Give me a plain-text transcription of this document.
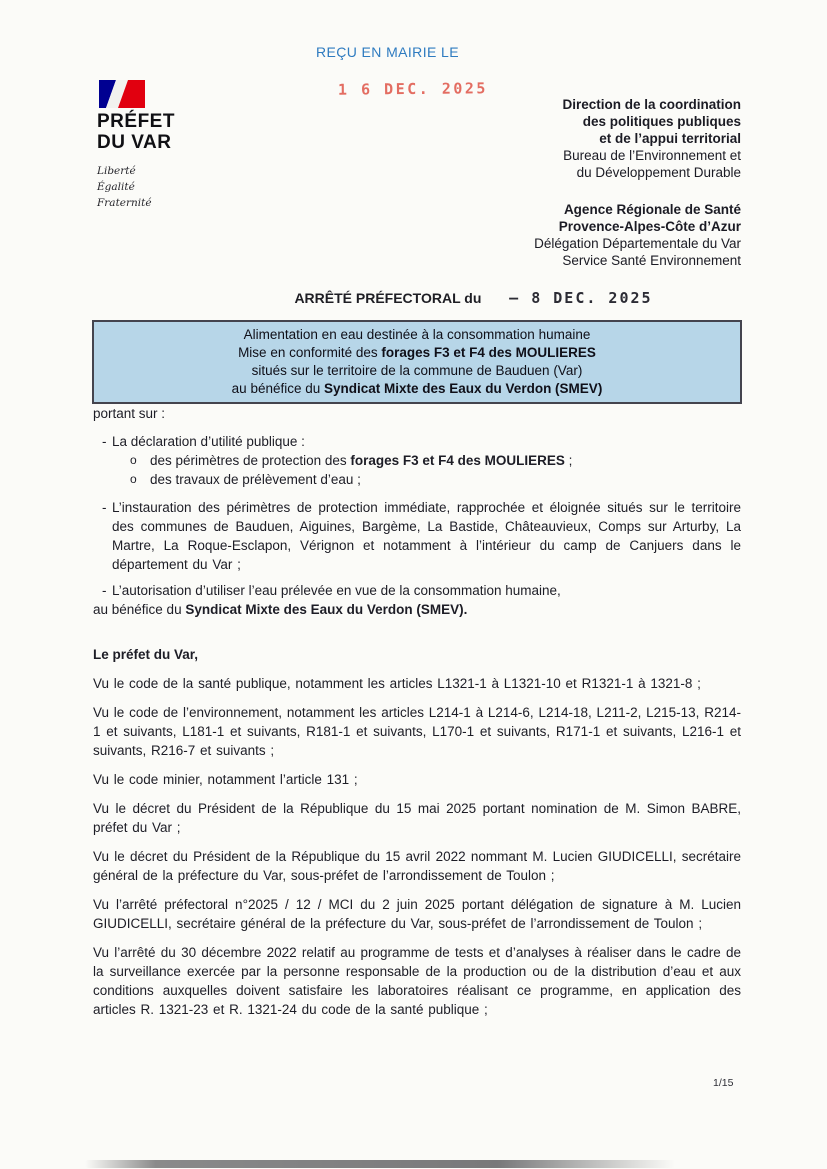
REÇU EN MAIRIE LE
1 6 DEC. 2025
PRÉFET
DU VAR
Liberté
Égalité
Fraternité
Direction de la coordination
des politiques publiques
et de l’appui territorial
Bureau de l’Environnement et
du Développement Durable
Agence Régionale de Santé
Provence-Alpes-Côte d’Azur
Délégation Départementale du Var
Service Santé Environnement
ARRÊTÉ PRÉFECTORAL du – 8 DEC. 2025
Alimentation en eau destinée à la consommation humaine
Mise en conformité des forages F3 et F4 des MOULIERES
situés sur le territoire de la commune de Bauduen (Var)
au bénéfice du Syndicat Mixte des Eaux du Verdon (SMEV)

portant sur :

- La déclaration d’utilité publique :
o des périmètres de protection des forages F3 et F4 des MOULIERES ;
o des travaux de prélèvement d’eau ;
- L’instauration des périmètres de protection immédiate, rapprochée et éloignée situés sur le territoire des communes de Bauduen, Aiguines, Bargème, La Bastide, Châteauvieux, Comps sur Arturby, La Martre, La Roque-Esclapon, Vérignon et notamment à l’intérieur du camp de Canjuers dans le département du Var ;
- L’autorisation d’utiliser l’eau prélevée en vue de la consommation humaine,

au bénéfice du Syndicat Mixte des Eaux du Verdon (SMEV).

Le préfet du Var,

Vu le code de la santé publique, notamment les articles L1321-1 à L1321-10 et R1321-1 à 1321-8 ;

Vu le code de l’environnement, notamment les articles L214-1 à L214-6, L214-18, L211-2, L215-13, R214-1 et suivants, L181-1 et suivants, R181-1 et suivants, L170-1 et suivants, R171-1 et suivants, L216-1 et suivants, R216-7 et suivants ;

Vu le code minier, notamment l’article 131 ;

Vu le décret du Président de la République du 15 mai 2025 portant nomination de M. Simon BABRE, préfet du Var ;

Vu le décret du Président de la République du 15 avril 2022 nommant M. Lucien GIUDICELLI, secrétaire général de la préfecture du Var, sous-préfet de l’arrondissement de Toulon ;

Vu l’arrêté préfectoral n°2025 / 12 / MCI du 2 juin 2025 portant délégation de signature à M. Lucien GIUDICELLI, secrétaire général de la préfecture du Var, sous-préfet de l’arrondissement de Toulon ;

Vu l’arrêté du 30 décembre 2022 relatif au programme de tests et d’analyses à réaliser dans le cadre de la surveillance exercée par la personne responsable de la production ou de la distribution d’eau et aux conditions auxquelles doivent satisfaire les laboratoires réalisant ce programme, en application des articles R. 1321-23 et R. 1321-24 du code de la santé publique ;

1/15
